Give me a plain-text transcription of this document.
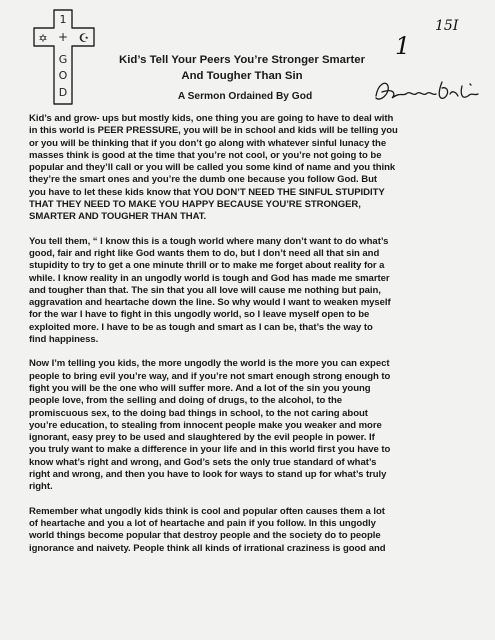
1
✡ + ☪
G
O
D
15I
1
Kid’s Tell Your Peers You’re Stronger Smarter
And Tougher Than Sin
A Sermon Ordained By God

Kid’s and grow- ups but mostly kids, one thing you are going to have to deal with
in this world is PEER PRESSURE, you will be in school and kids will be telling you
or you will be thinking that if you don’t go along with whatever sinful lunacy the
masses think is good at the time that you’re not cool, or you’re not going to be
popular and they’ll call or you will be called you some kind of name and you think
they’re the smart ones and you’re the dumb one because you follow God. But
you have to let these kids know that YOU DON’T NEED THE SINFUL STUPIDITY
THAT THEY NEED TO MAKE YOU HAPPY BECAUSE YOU’RE STRONGER,
SMARTER AND TOUGHER THAN THAT.

You tell them, “ I know this is a tough world where many don’t want to do what’s
good, fair and right like God wants them to do, but I don’t need all that sin and
stupidity to try to get a one minute thrill or to make me forget about reality for a
while. I know reality in an ungodly world is tough and God has made me smarter
and tougher than that. The sin that you all love will cause me nothing but pain,
aggravation and heartache down the line. So why would I want to weaken myself
for the war I have to fight in this ungodly world, so I leave myself open to be
exploited more. I have to be as tough and smart as I can be, that’s the way to
find happiness.

Now I’m telling you kids, the more ungodly the world is the more you can expect
people to bring evil you’re way, and if you’re not smart enough strong enough to
fight you will be the one who will suffer more. And a lot of the sin you young
people love, from the selling and doing of drugs, to the alcohol, to the
promiscuous sex, to the doing bad things in school, to the not caring about
you’re education, to stealing from innocent people make you weaker and more
ignorant, easy prey to be used and slaughtered by the evil people in power. If
you truly want to make a difference in your life and in this world first you have to
know what’s right and wrong, and God’s sets the only true standard of what’s
right and wrong, and then you have to look for ways to stand up for what’s truly
right.

Remember what ungodly kids think is cool and popular often causes them a lot
of heartache and you a lot of heartache and pain if you follow. In this ungodly
world things become popular that destroy people and the society do to people
ignorance and naivety. People think all kinds of irrational craziness is good and
